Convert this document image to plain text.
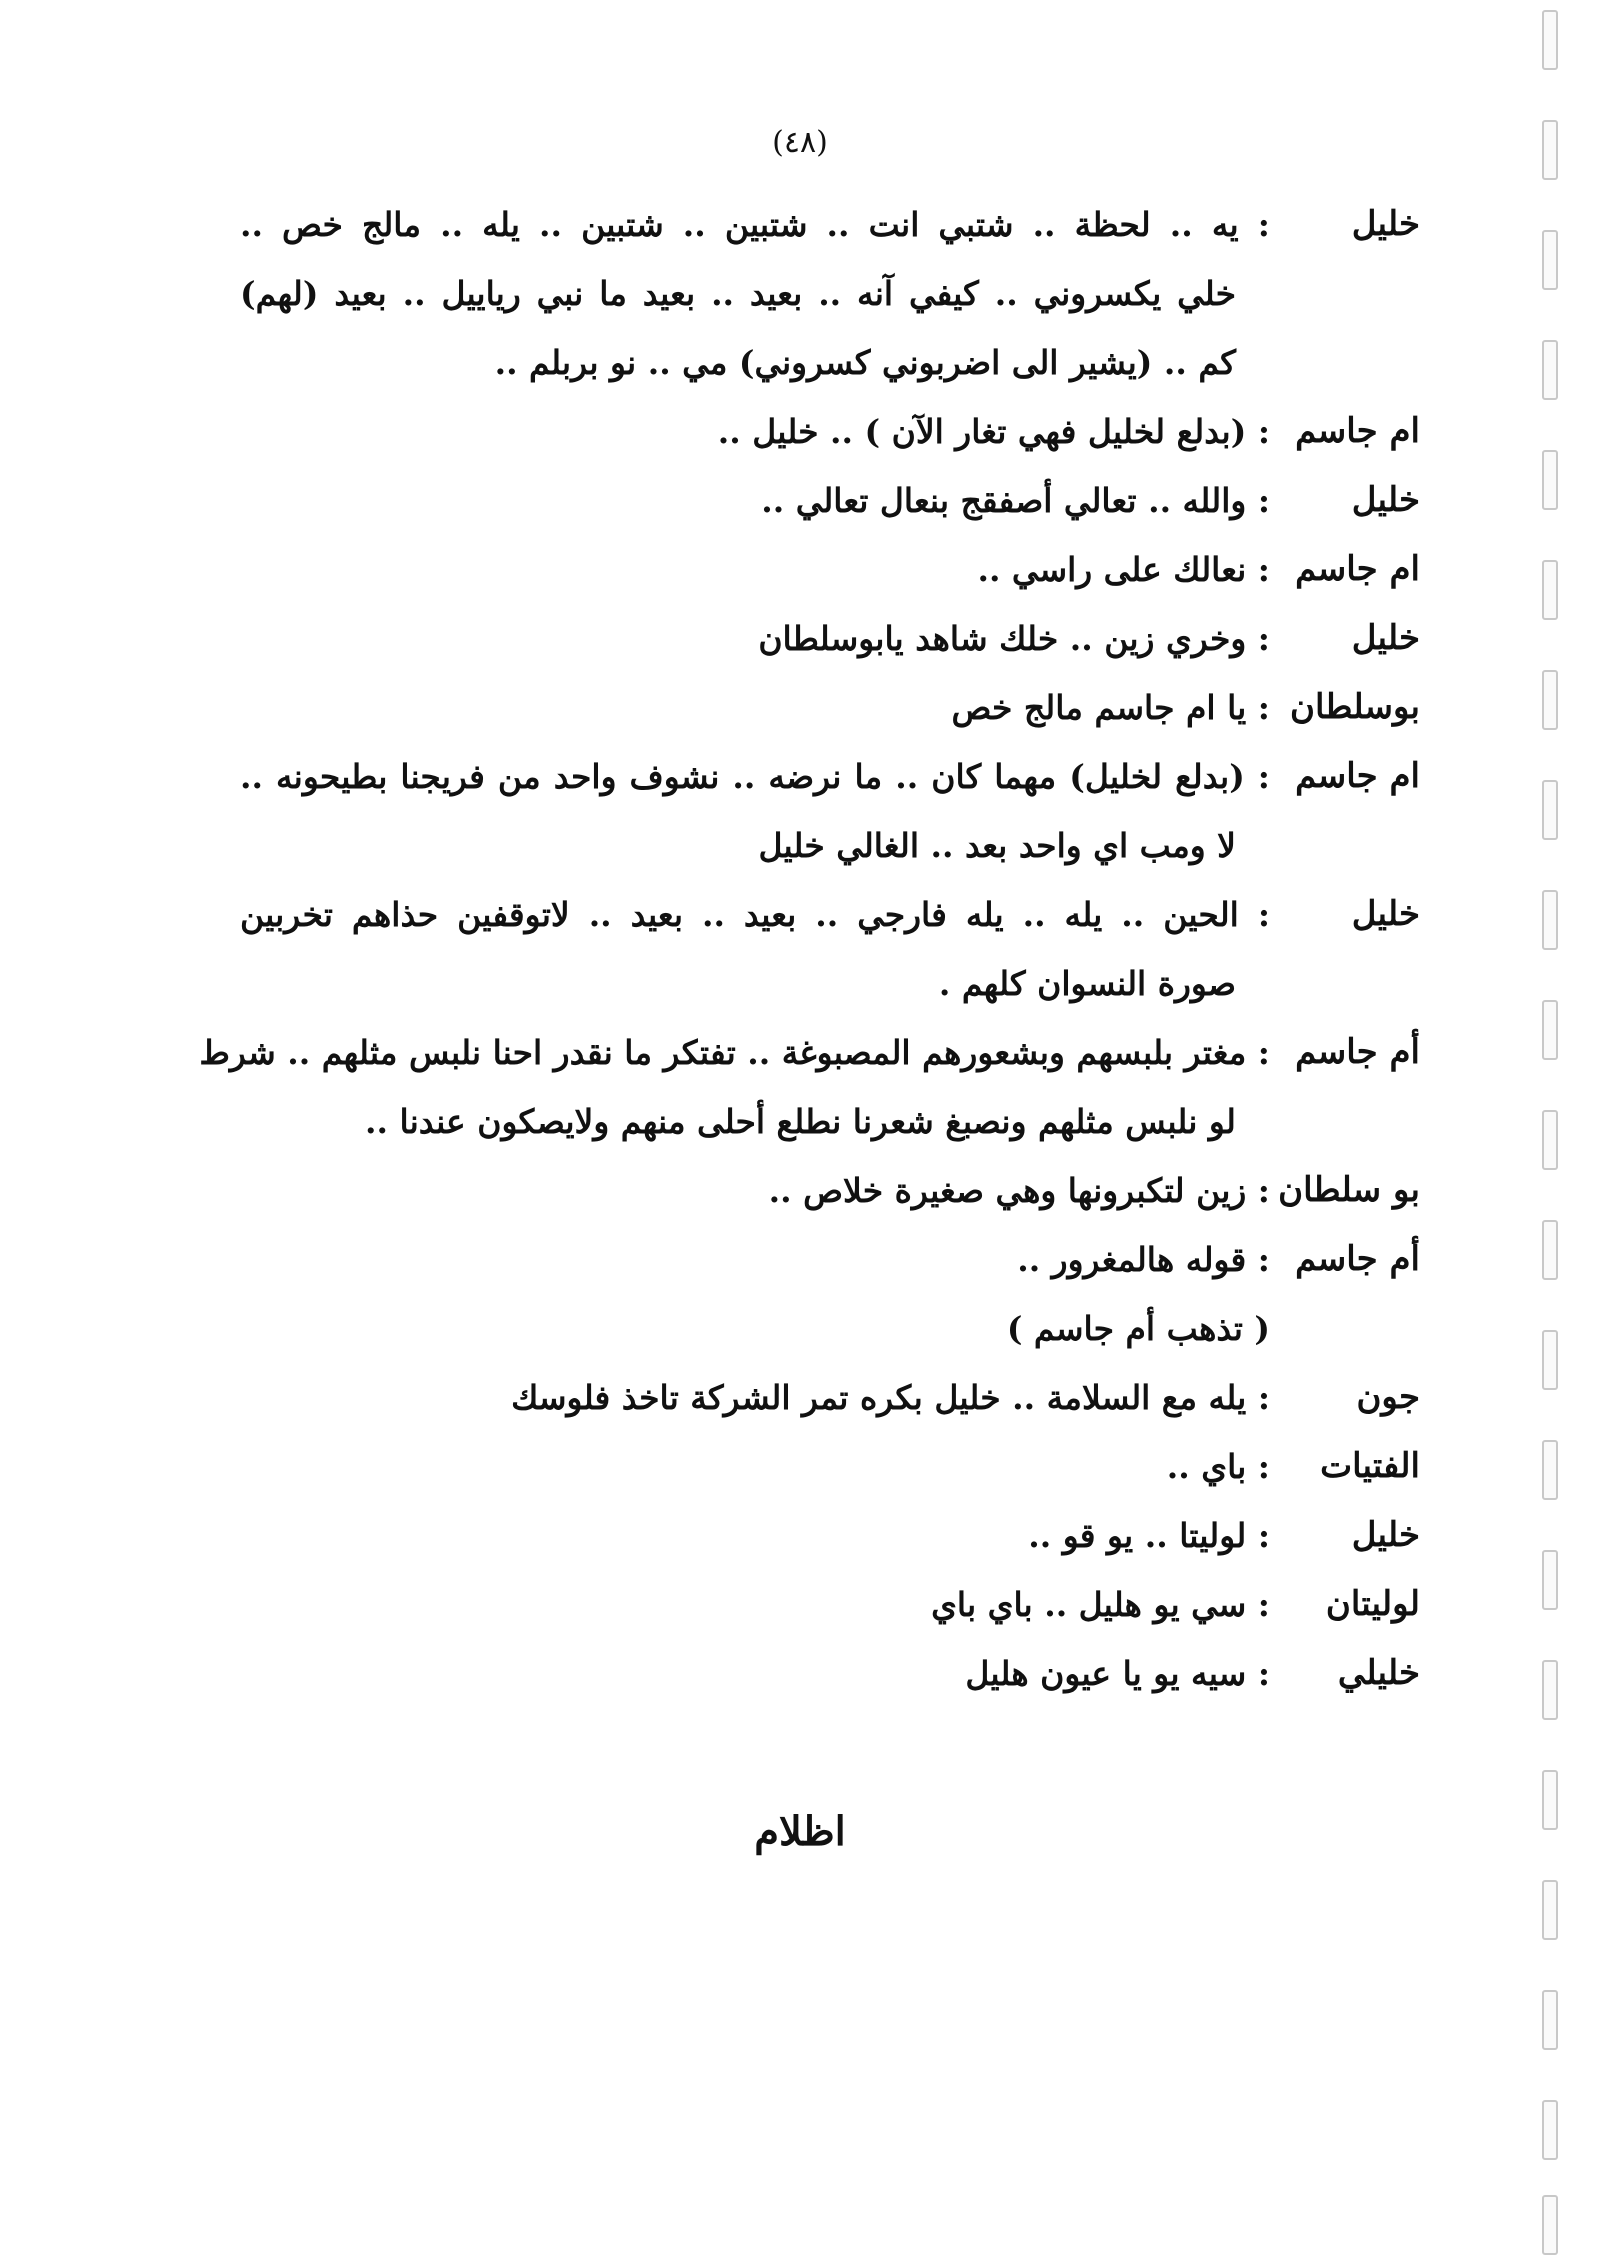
(٤٨)
خليل
: يه .. لحظة .. شتبي انت .. شتبين .. شتبين .. يله .. مالج خص ..
خلي يكسروني .. كيفي آنه .. بعيد .. بعيد ما نبي رياييل .. بعيد (لهم)
كم .. (يشير الى اضربوني كسروني) مي .. نو بربلم ..
ام جاسم
: (بدلع لخليل فهي تغار الآن ) .. خليل ..
خليل
: والله .. تعالي أصفقج بنعال تعالي ..
ام جاسم
: نعالك على راسي ..
خليل
: وخري زين .. خلك شاهد يابوسلطان
بوسلطان
: يا ام جاسم مالج خص
ام جاسم
: (بدلع لخليل) مهما كان .. ما نرضه .. نشوف واحد من فريجنا بطيحونه ..
لا ومب اي واحد بعد .. الغالي خليل
خليل
: الحين .. يله .. يله فارجي .. بعيد .. بعيد .. لاتوقفين حذاهم تخربين
صورة النسوان كلهم .
أم جاسم
: مغتر بلبسهم وبشعورهم المصبوغة .. تفتكر ما نقدر احنا نلبس مثلهم .. شرط
لو نلبس مثلهم ونصبغ شعرنا نطلع أحلى منهم ولايصكون عندنا ..
بو سلطان
: زين لتكبرونها وهي صغيرة خلاص ..
أم جاسم
: قوله هالمغرور ..
( تذهب أم جاسم )
جون
: يله مع السلامة .. خليل بكره تمر الشركة تاخذ فلوسك
الفتيات
: باي ..
خليل
: لوليتا .. يو قو ..
لوليتان
: سي يو هليل .. باي باي
خليلي
: سيه يو يا عيون هليل
اظلام
